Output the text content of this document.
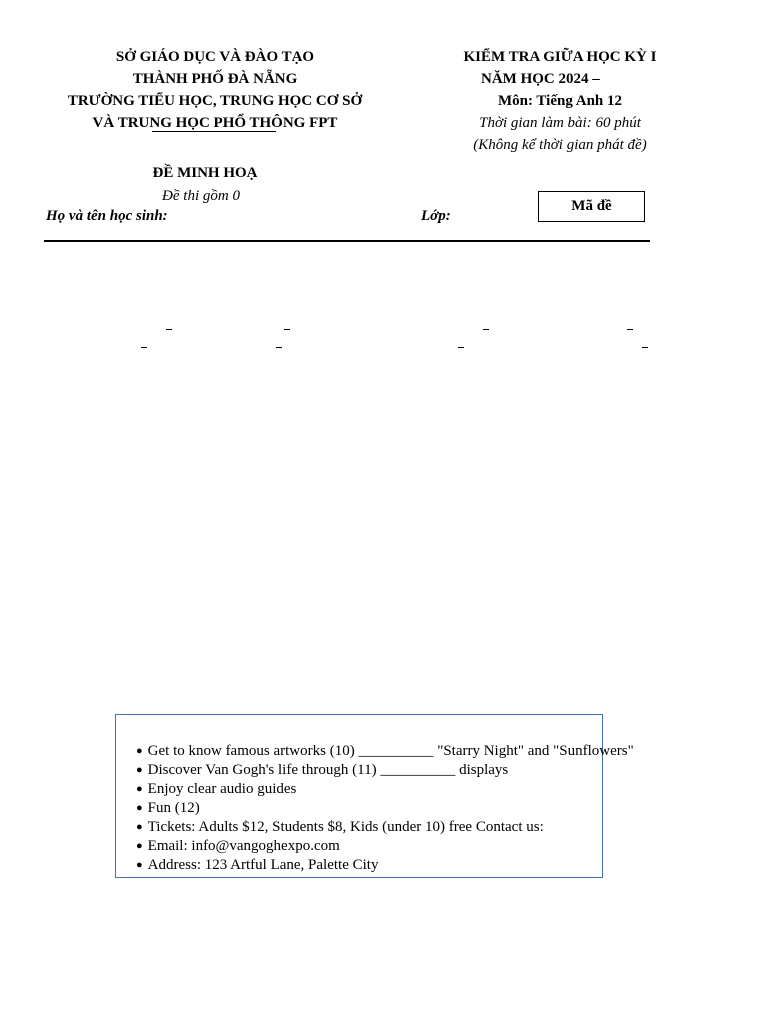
SỞ GIÁO DỤC VÀ ĐÀO TẠO
THÀNH PHỐ ĐÀ NẴNG
TRƯỜNG TIỂU HỌC, TRUNG HỌC CƠ SỞ
VÀ TRUNG HỌC PHỔ THÔNG FPT
KIỂM TRA GIỮA HỌC KỲ I
NĂM HỌC 2024 –
Môn: Tiếng Anh 12
Thời gian làm bài: 60 phút
(Không kể thời gian phát đề)
ĐỀ MINH HOẠ
Đề thi gồm 0
Họ và tên học sinh:	Lớp:
Mã đề
● Get to know famous artworks (10) __________ "Starry Night" and "Sunflowers"
● Discover Van Gogh's life through (11) __________ displays
● Enjoy clear audio guides
● Fun (12)
● Tickets: Adults $12, Students $8, Kids (under 10) free Contact us:
● Email: info@vangoghexpo.com
● Address: 123 Artful Lane, Palette City
